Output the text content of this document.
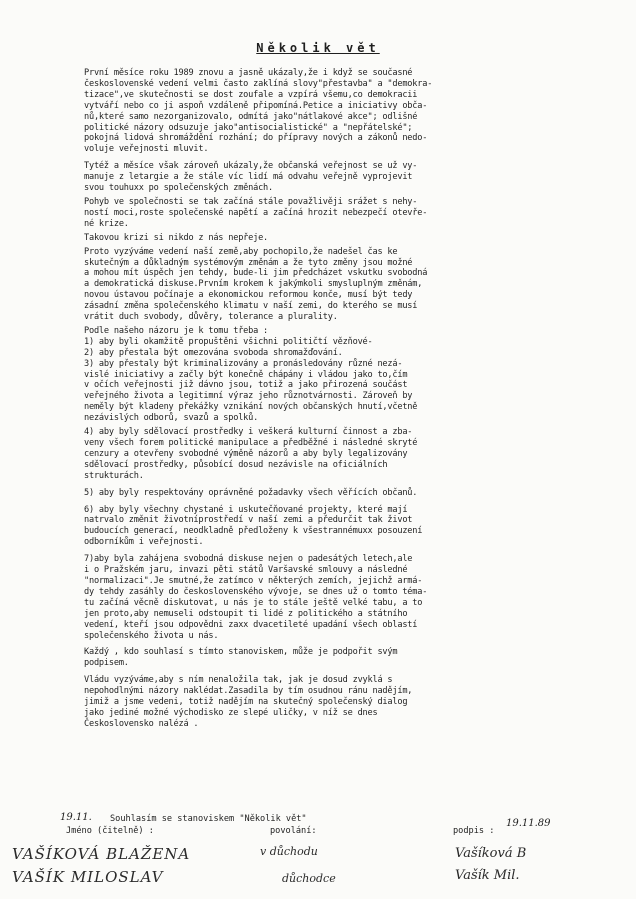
Několik vět

První měsíce roku 1989 znovu a jasně ukázaly,že i když se současné
československé vedení velmi často zaklíná slovy"přestavba" a "demokra-
tizace",ve skutečnosti se dost zoufale a vzpírá všemu,co demokracii
vytváří nebo co ji aspoň vzdáleně připomíná.Petice a iniciativy obča-
nů,které samo nezorganizovalo, odmítá jako"nátlakové akce"; odlišné
politické názory odsuzuje jako"antisocialistické" a "nepřátelské";
pokojná lidová shromáždění rozhání; do přípravy nových a zákonů nedo-
voluje veřejnosti mluvit.

Tytéž a měsíce však zároveň ukázaly,že občanská veřejnost se už vy-
manuje z letargie a že stále víc lidí má odvahu veřejně vyprojevit
svou touhuxx po společenských změnách.

Pohyb ve společnosti se tak začíná stále považlivěji srážet s nehy-
ností moci,roste společenské napětí a začíná hrozit nebezpečí otevře-
né krize.

Takovou krizi si nikdo z nás nepřeje.

Proto vyzýváme vedení naší země,aby pochopilo,že nadešel čas ke
skutečným a důkladným systémovým změnám a že tyto změny jsou možné
a mohou mít úspěch jen tehdy, bude-li jim předcházet vskutku svobodná
a demokratická diskuse.Prvním krokem k jakýmkoli smysluplným změnám,
novou ústavou počínaje a ekonomickou reformou konče, musí být tedy
zásadní změna společenského klimatu v naší zemi, do kterého se musí
vrátit duch svobody, důvěry, tolerance a plurality.

Podle našeho názoru je k tomu třeba :
1) aby byli okamžitě propuštěni všichni političtí vězňové-
2) aby přestala být omezována svoboda shromažďování.
3) aby přestaly být kriminalizovány a pronásledovány různé nezá-
vislé iniciativy a začly být konečně chápány i vládou jako to,čím
v očích veřejnosti již dávno jsou, totiž a jako přirozená součást
veřejného života a legitimní výraz jeho různotvárnosti. Zároveň by
neměly být kladeny překážky vznikání nových občanských hnutí,včetně
nezávislých odborů, svazů a spolků.

4) aby byly sdělovací prostředky i veškerá kulturní činnost a zba-
veny všech forem politické manipulace a předběžné i následné skryté
cenzury a otevřeny svobodné výměně názorů a aby byly legalizovány
sdělovací prostředky, působící dosud nezávisle na oficiálních
strukturách.

5) aby byly respektovány oprávněné požadavky všech věřících občanů.

6) aby byly všechny chystané i uskutečňované projekty, které mají
natrvalo změnit životníprostředí v naší zemi a předurčit tak život
budoucích generací, neodkladně předloženy k všestrannémuxx posouzení
odborníkům i veřejnosti.

7)aby byla zahájena svobodná diskuse nejen o padesátých letech,ale
i o Pražském jaru, invazi pěti států Varšavské smlouvy a následné
"normalizaci".Je smutné,že zatímco v některých zemích, jejichž armá-
dy tehdy zasáhly do československého vývoje, se dnes už o tomto téma-
tu začíná věcně diskutovat, u nás je to stále ještě velké tabu, a to
jen proto,aby nemuseli odstoupit ti lidé z politického a státního
vedení, kteří jsou odpovědni zaxx dvacetileté upadání všech oblastí
společenského života u nás.

Každý , kdo souhlasí s tímto stanoviskem, může je podpořit svým
podpisem.

Vládu vyzýváme,aby s ním nenaložila tak, jak je dosud zvyklá s
nepohodlnými názory naklédat.Zasadila by tím osudnou ránu nadějím,
jimiž a jsme vedeni, totiž nadějím na skutečný společenský dialog
jako jediné možné východisko ze slepé uličky, v níž se dnes
Československo nalézá .

Souhlasím se stanoviskem "Několik vět"
19.11.
Jméno (čitelně) :	povolání:	podpis :
19.11.89
VAŠÍKOVÁ BLAŽENA	v důchodu	Vašíková B
VAŠÍK MILOSLAV	důchodce	Vašík Mil.
